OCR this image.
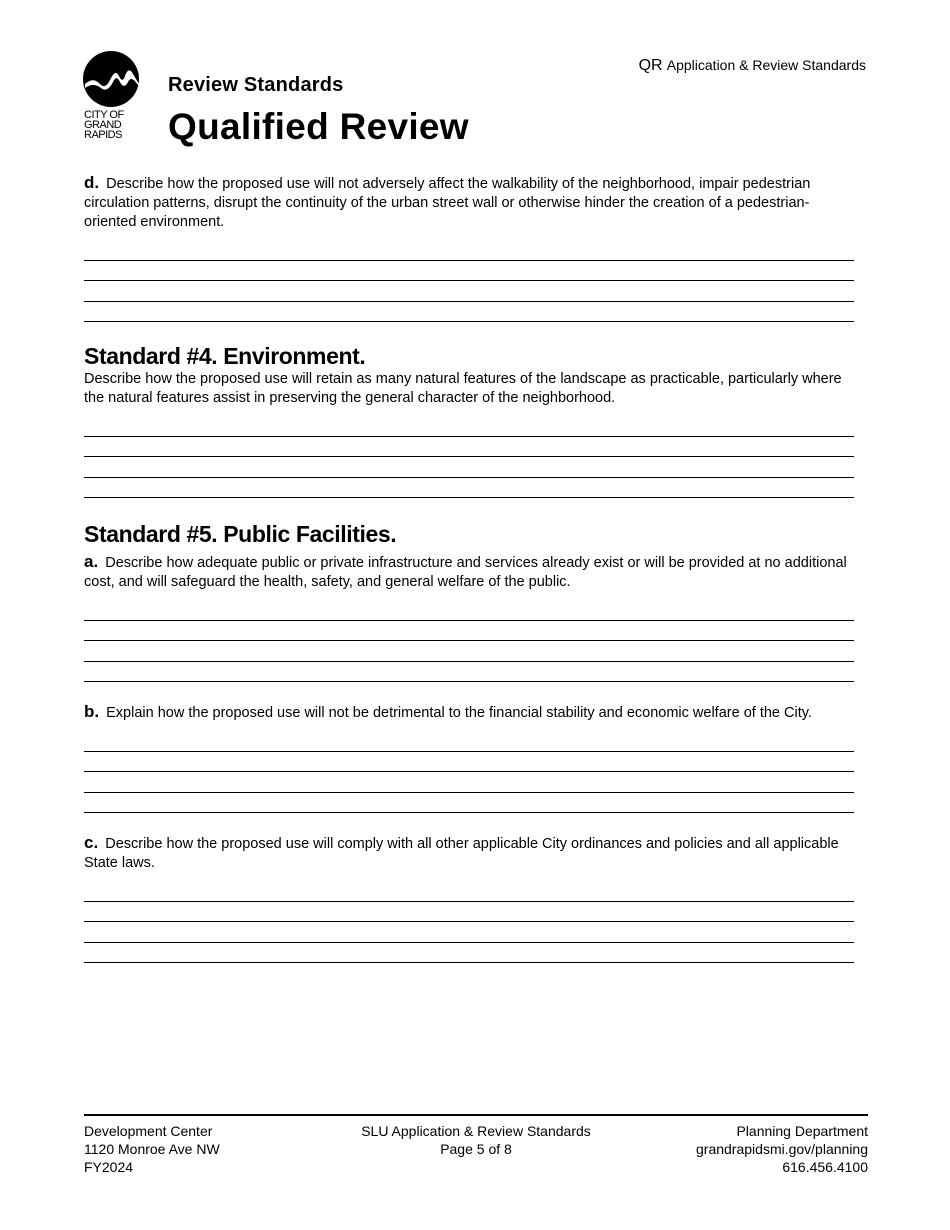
CITY OF
GRAND
RAPIDS
QR Application & Review Standards
Review Standards
Qualified Review

d. Describe how the proposed use will not adversely affect the walkability of the neighborhood, impair pedestrian circulation patterns, disrupt the continuity of the urban street wall or otherwise hinder the creation of a pedestrian-oriented environment.

Standard #4. Environment.

Describe how the proposed use will retain as many natural features of the landscape as practicable, particularly where the natural features assist in preserving the general character of the neighborhood.

Standard #5. Public Facilities.

a. Describe how adequate public or private infrastructure and services already exist or will be provided at no additional cost, and will safeguard the health, safety, and general welfare of the public.

b. Explain how the proposed use will not be detrimental to the financial stability and economic welfare of the City.

c. Describe how the proposed use will comply with all other applicable City ordinances and policies and all applicable State laws.

Development Center
1120 Monroe Ave NW
FY2024
SLU Application & Review Standards
Page 5 of 8
Planning Department
grandrapidsmi.gov/planning
616.456.4100
